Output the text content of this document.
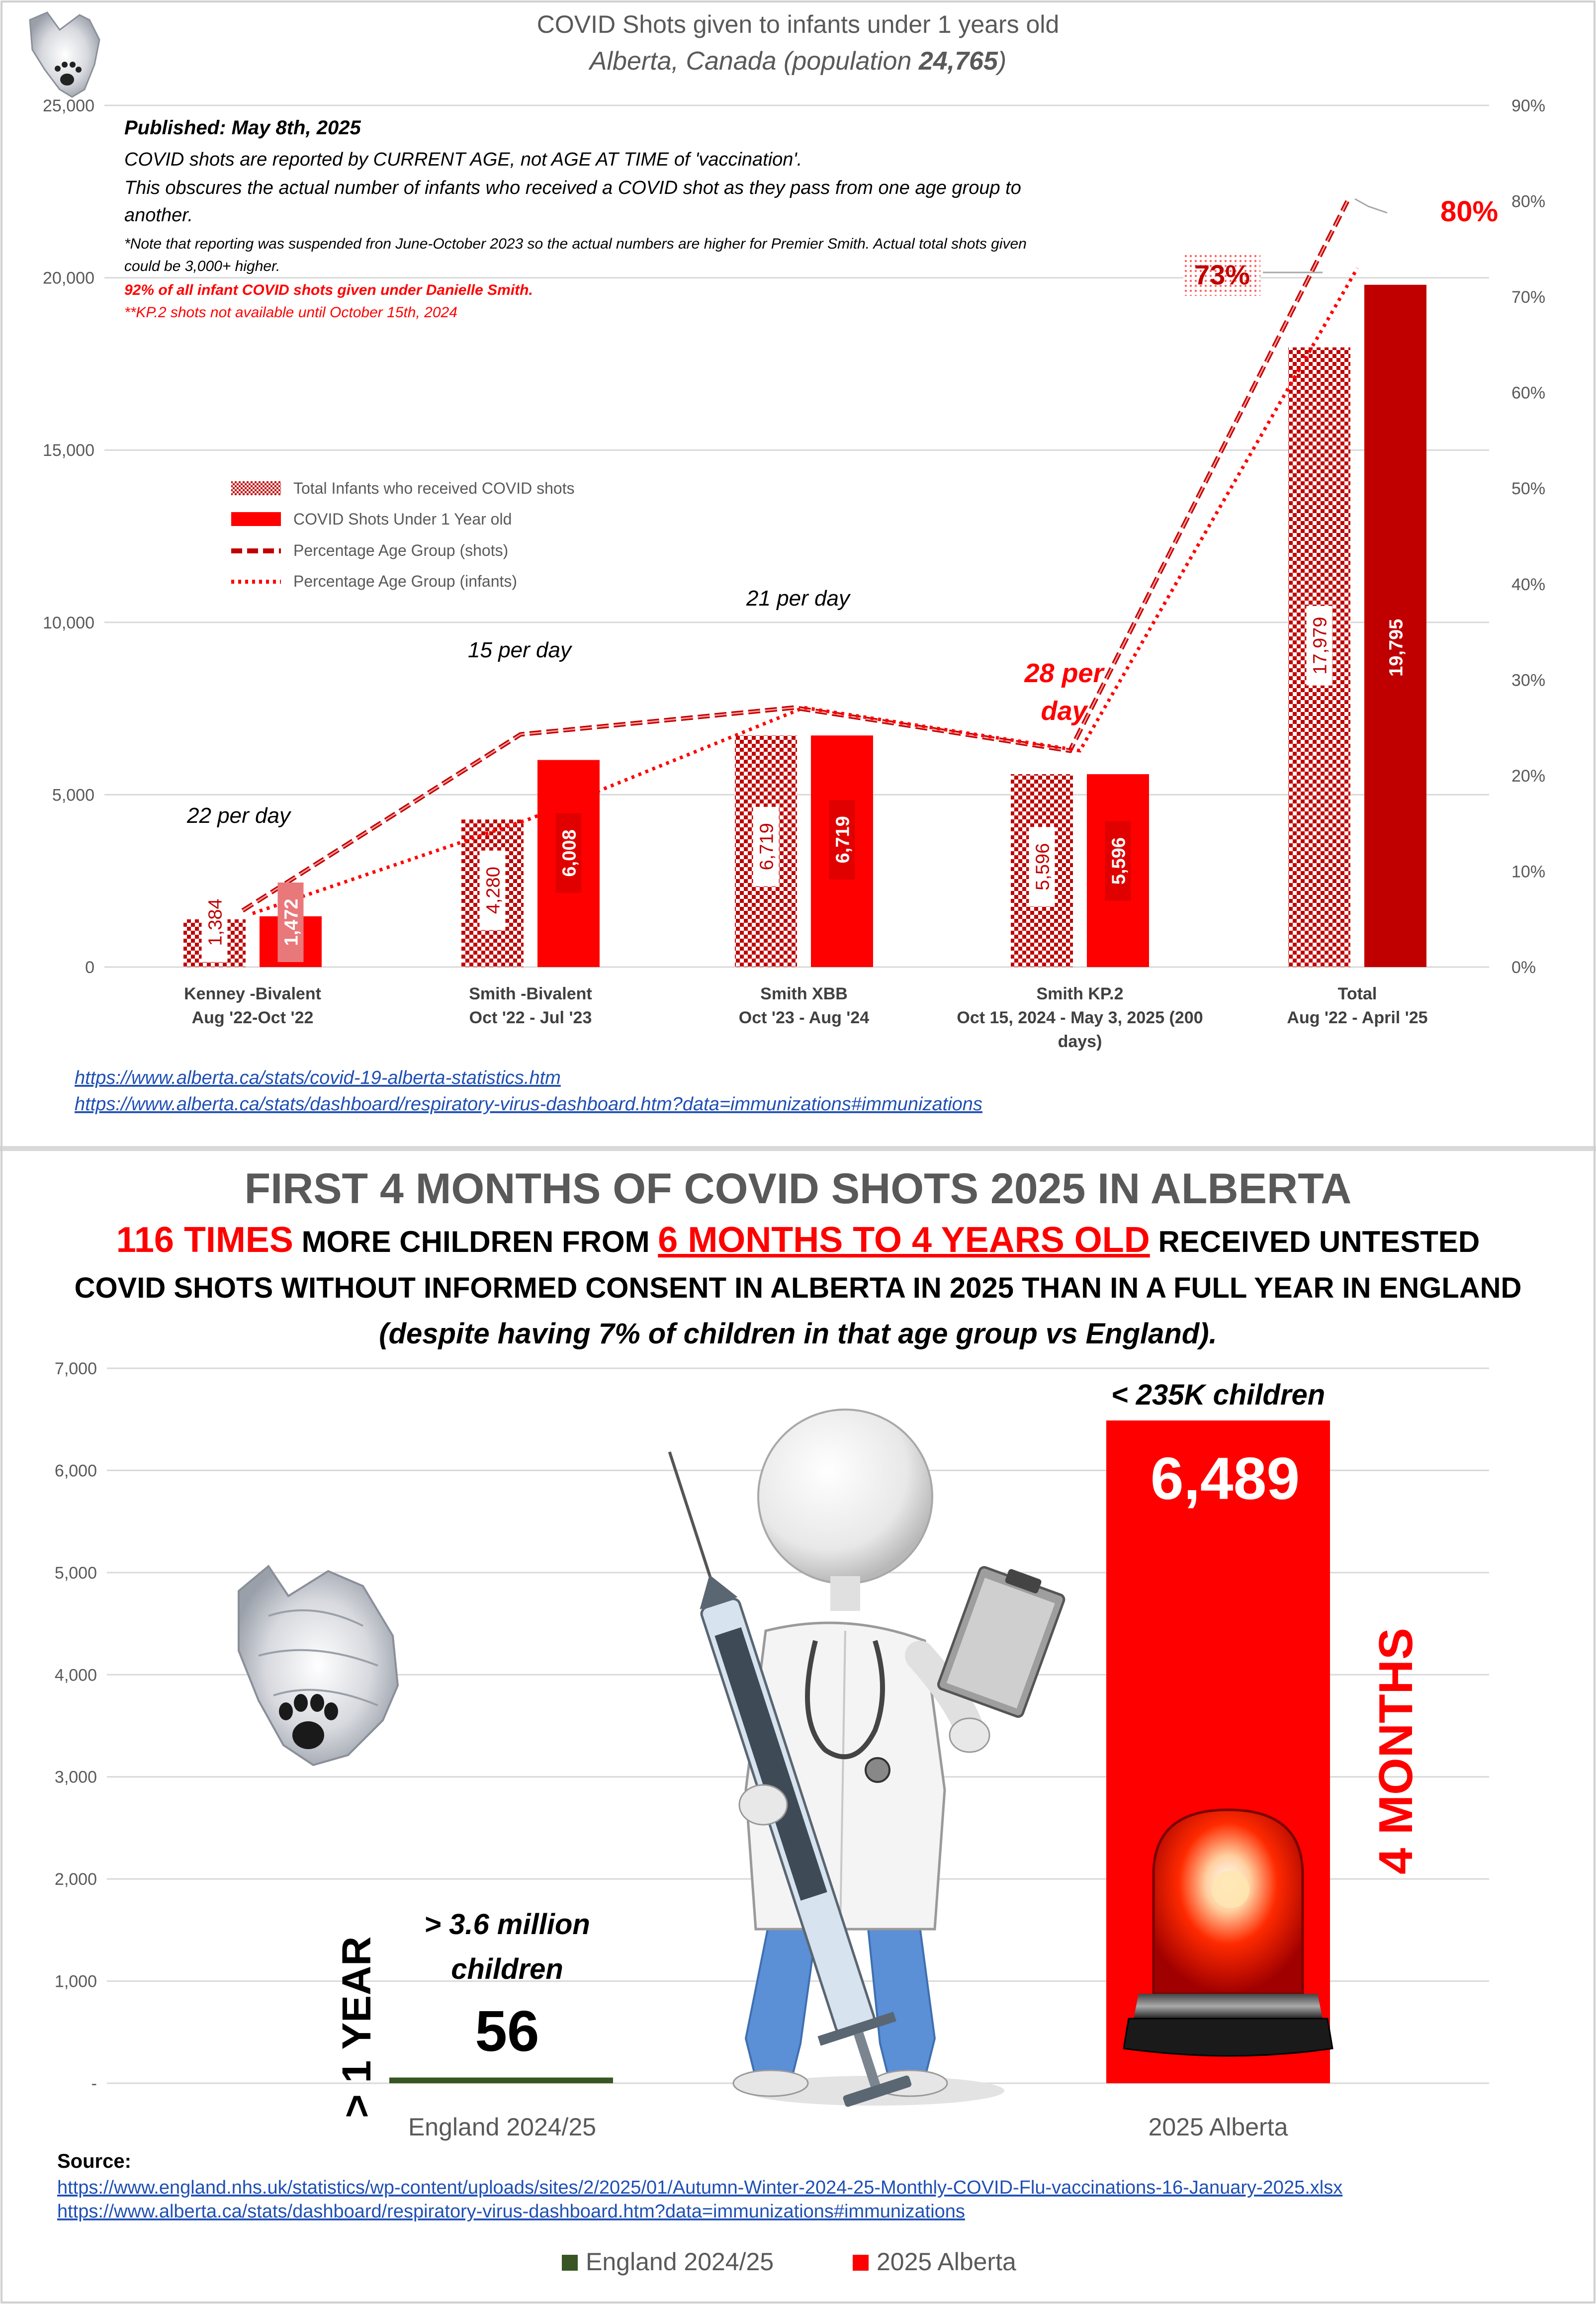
COVID Shots given to infants under 1 years old
Alberta, Canada (population 24,765)
25,000
20,000
15,000
10,000
5,000
0
90%
80%
70%
60%
50%
40%
30%
20%
10%
0%
Published: May 8th, 2025
COVID shots are reported by CURRENT AGE, not AGE AT TIME of 'vaccination'.
This obscures the actual number of infants who received a COVID shot as they pass from one age group to
another.
*Note that reporting was suspended fron June-October 2023 so the actual numbers are higher for Premier Smith. Actual total shots given
could be 3,000+ higher.
92% of all infant COVID shots given under Danielle Smith.
**KP.2 shots not available until October 15th, 2024
Total Infants who received COVID shots
COVID Shots Under 1 Year old
Percentage Age Group (shots)
Percentage Age Group (infants)
1,384	1,472
4,280
6,008	6,719	6,719
5,596	5,596
17,979	19,795
Kenney -Bivalent
Aug '22-Oct '22
Smith -Bivalent
Oct '22 - Jul '23
Smith XBB
Oct '23 - Aug '24
Smith KP.2
Oct 15, 2024 - May 3, 2025 (200
days)
Total
Aug '22 - April '25
22 per day
15 per day
21 per day
28 per
day
73%
80%
https://www.alberta.ca/stats/covid-19-alberta-statistics.htm
https://www.alberta.ca/stats/dashboard/respiratory-virus-dashboard.htm?data=immunizations#immunizations
FIRST 4 MONTHS OF COVID SHOTS 2025 IN ALBERTA
116 TIMES MORE CHILDREN FROM 6 MONTHS TO 4 YEARS OLD RECEIVED UNTESTED
COVID SHOTS WITHOUT INFORMED CONSENT IN ALBERTA IN 2025 THAN IN A FULL YEAR IN ENGLAND
(despite having 7% of children in that age group vs England).
7,000
6,000
5,000
4,000
3,000
2,000
1,000
-
< 235K children
> 3.6 million
children
56
> 1 YEAR
4 MONTHS
England 2024/25	2025 Alberta
Source:
https://www.england.nhs.uk/statistics/wp-content/uploads/sites/2/2025/01/Autumn-Winter-2024-25-Monthly-COVID-Flu-vaccinations-16-January-2025.xlsx
https://www.alberta.ca/stats/dashboard/respiratory-virus-dashboard.htm?data=immunizations#immunizations
England 2024/25	2025 Alberta
6,489
